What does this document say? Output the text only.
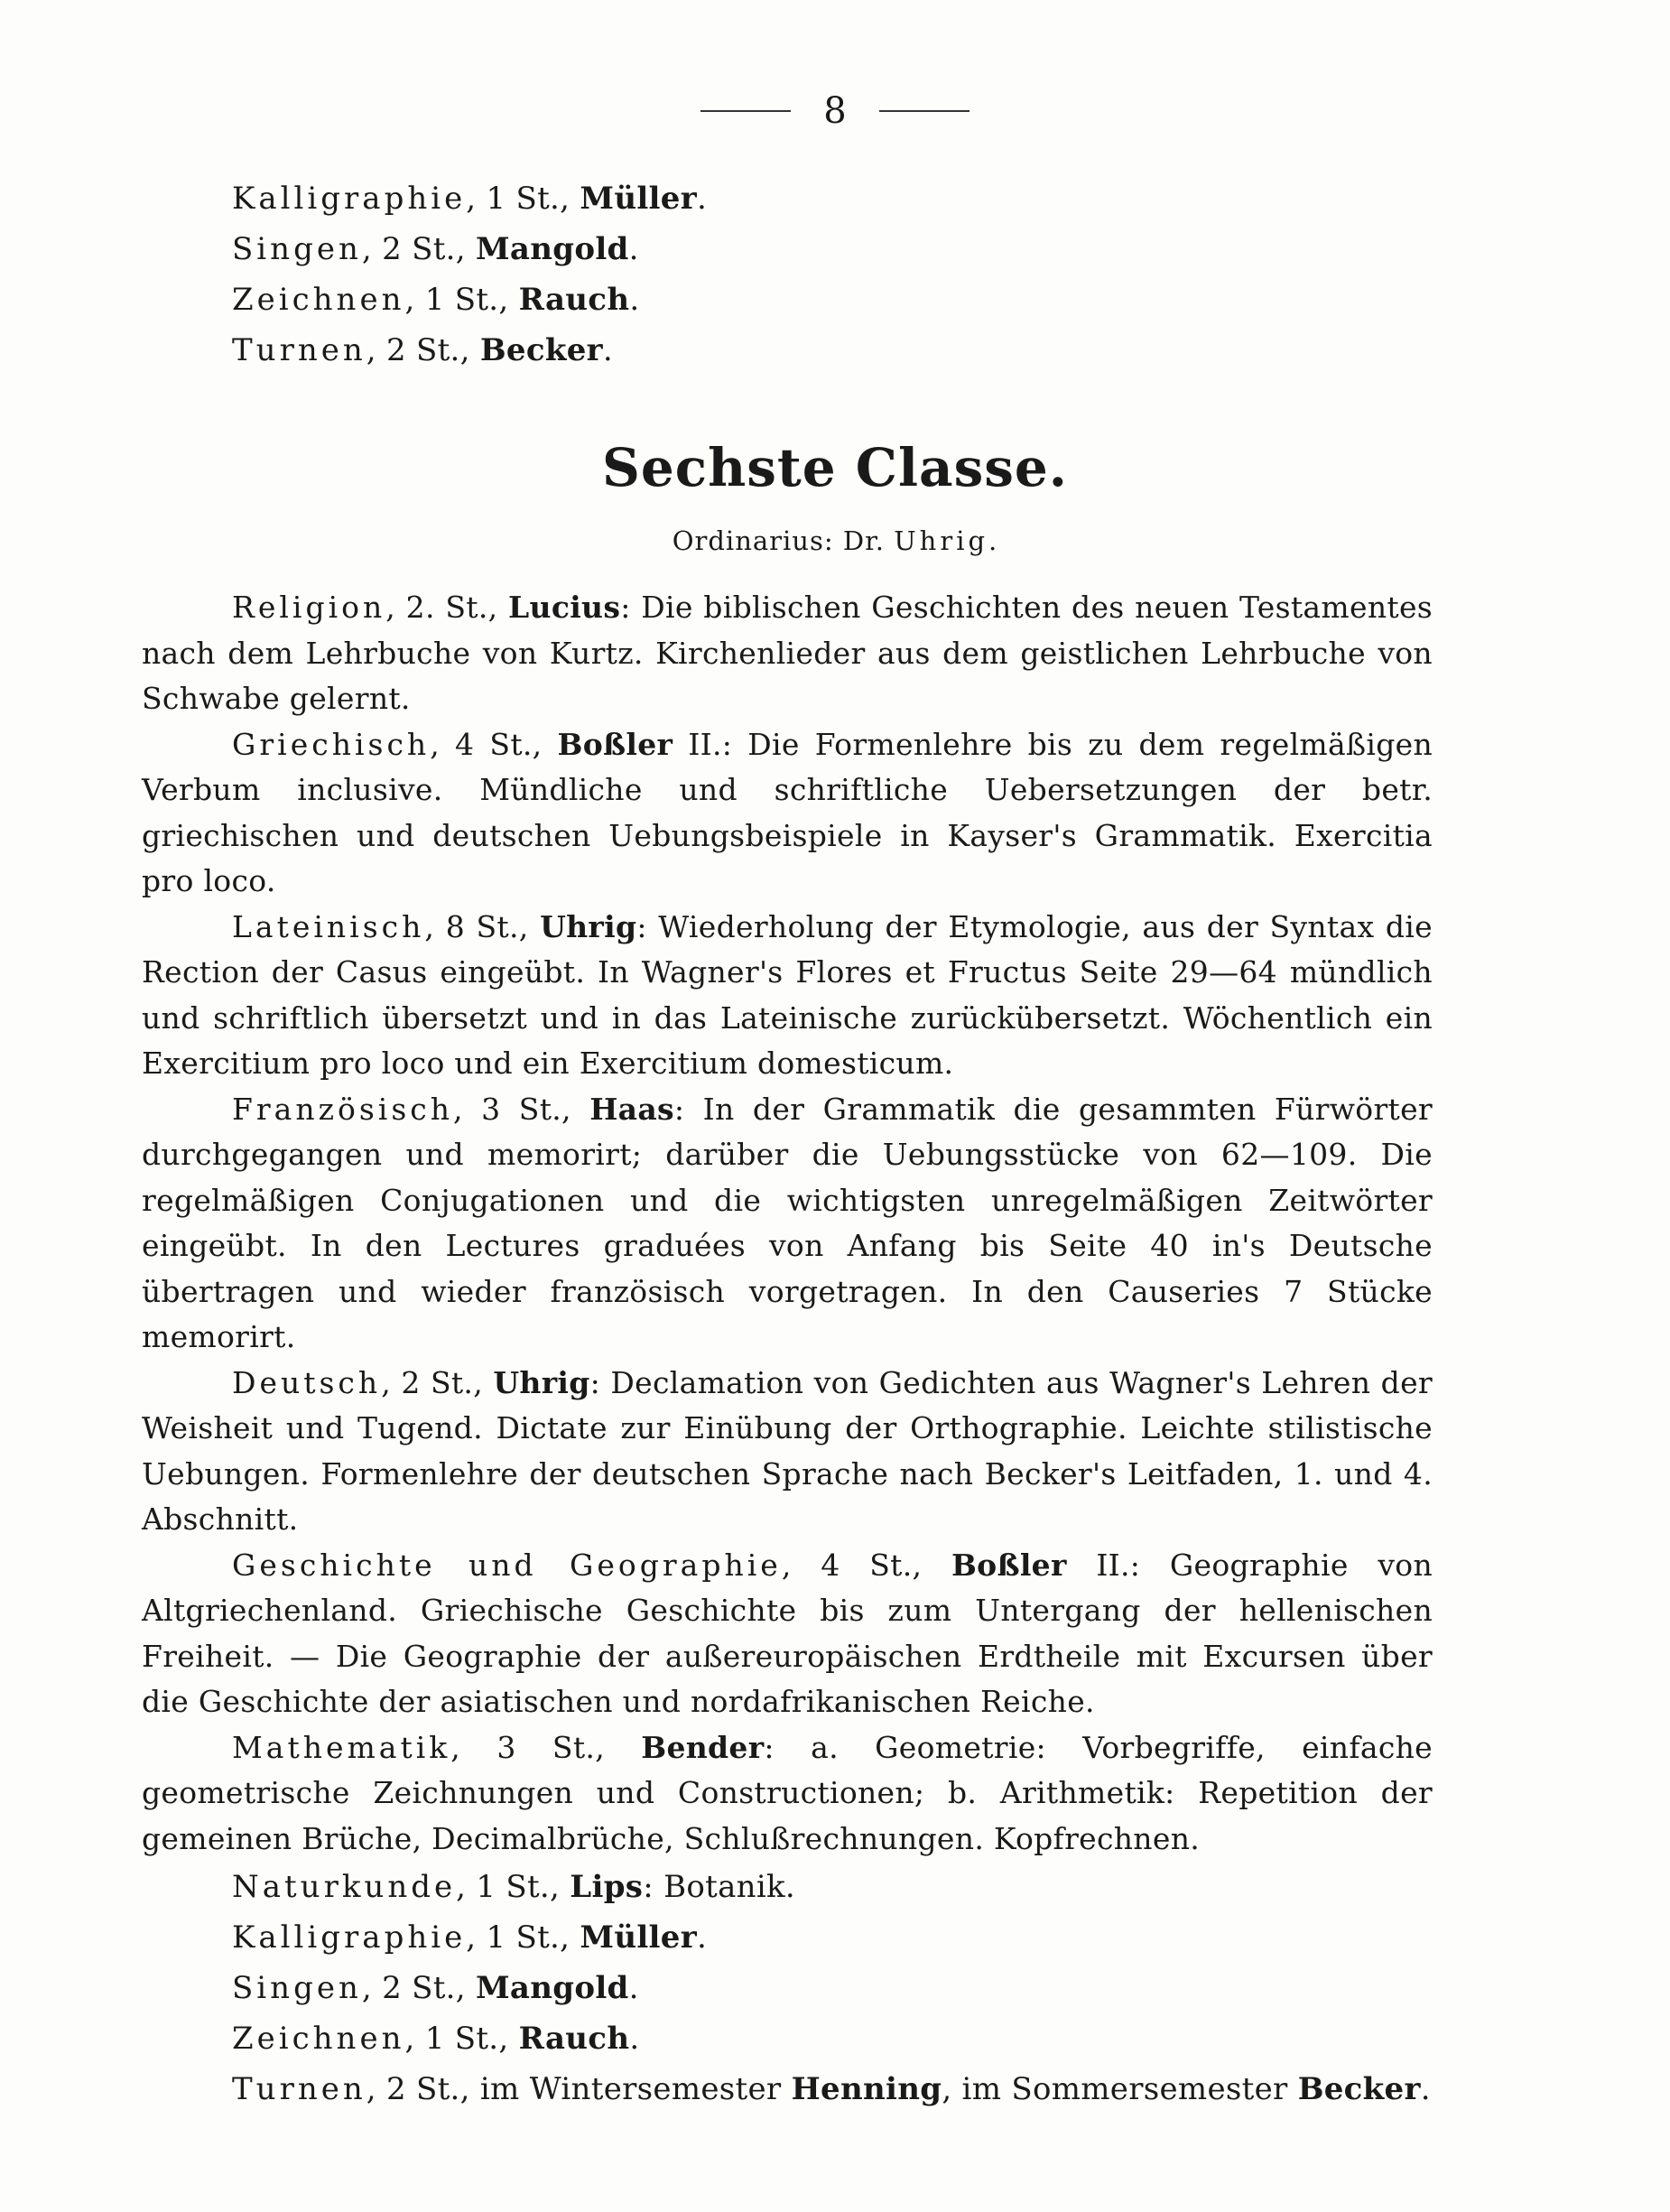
8
Kalligraphie, 1 St., Müller.
Singen, 2 St., Mangold.
Zeichnen, 1 St., Rauch.
Turnen, 2 St., Becker.
Sechste Classe.
Ordinarius: Dr. Uhrig.

Religion, 2. St., Lucius: Die biblischen Geschichten des neuen Testamentes nach dem Lehrbuche von Kurtz. Kirchenlieder aus dem geistlichen Lehrbuche von Schwabe gelernt.

Griechisch, 4 St., Boßler II.: Die Formenlehre bis zu dem regelmäßigen Verbum inclusive. Mündliche und schriftliche Uebersetzungen der betr. griechischen und deutschen Uebungsbeispiele in Kayser's Grammatik. Exercitia pro loco.

Lateinisch, 8 St., Uhrig: Wiederholung der Etymologie, aus der Syntax die Rection der Casus eingeübt. In Wagner's Flores et Fructus Seite 29—64 mündlich und schriftlich übersetzt und in das Lateinische zurückübersetzt. Wöchentlich ein Exercitium pro loco und ein Exercitium domesticum.

Französisch, 3 St., Haas: In der Grammatik die gesammten Fürwörter durchgegangen und memorirt; darüber die Uebungsstücke von 62—109. Die regelmäßigen Conjugationen und die wichtigsten unregelmäßigen Zeitwörter eingeübt. In den Lectures graduées von Anfang bis Seite 40 in's Deutsche übertragen und wieder französisch vorgetragen. In den Causeries 7 Stücke memorirt.

Deutsch, 2 St., Uhrig: Declamation von Gedichten aus Wagner's Lehren der Weisheit und Tugend. Dictate zur Einübung der Orthographie. Leichte stilistische Uebungen. Formenlehre der deutschen Sprache nach Becker's Leitfaden, 1. und 4. Abschnitt.

Geschichte und Geographie, 4 St., Boßler II.: Geographie von Altgriechenland. Griechische Geschichte bis zum Untergang der hellenischen Freiheit. — Die Geographie der außereuropäischen Erdtheile mit Excursen über die Geschichte der asiatischen und nordafrikanischen Reiche.

Mathematik, 3 St., Bender: a. Geometrie: Vorbegriffe, einfache geometrische Zeichnungen und Constructionen; b. Arithmetik: Repetition der gemeinen Brüche, Decimalbrüche, Schlußrechnungen. Kopfrechnen.

Naturkunde, 1 St., Lips: Botanik.
Kalligraphie, 1 St., Müller.
Singen, 2 St., Mangold.
Zeichnen, 1 St., Rauch.
Turnen, 2 St., im Wintersemester Henning, im Sommersemester Becker.
